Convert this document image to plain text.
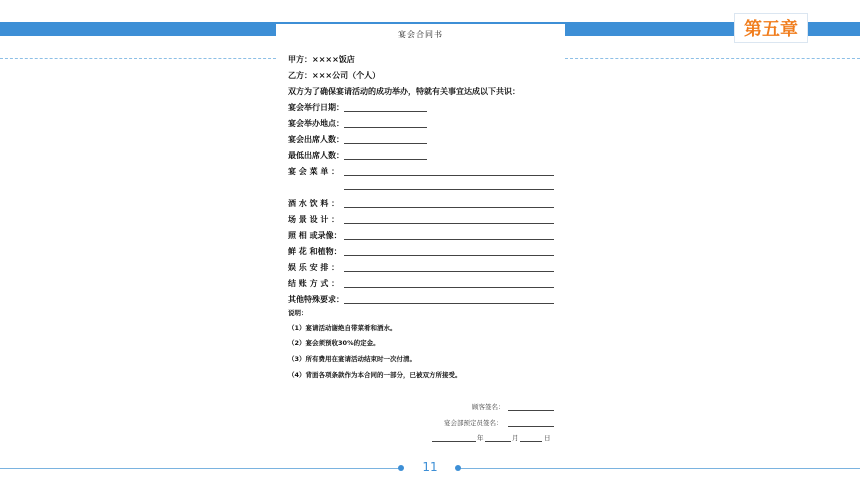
第五章
宴会合同书
甲方：××××饭店
乙方：×××公司（个人）
双方为了确保宴请活动的成功举办，特就有关事宜达成以下共识：
宴会举行日期：
宴会举办地点：
宴会出席人数：
最低出席人数：
宴 会 菜 单 ：
酒 水 饮 料 ：
场 景 设 计 ：
照 相 或录像：
鲜 花 和植物：
娱 乐 安 排 ：
结 账 方 式 ：
其他特殊要求：
说明：
（1）宴请活动谢绝自带菜肴和酒水。
（2）宴会须预收30%的定金。
（3）所有费用在宴请活动结束时一次付清。
（4）背面各项条款作为本合同的一部分，已被双方所接受。
顾客签名：
宴会部预定员签名：
年	月	日
11
